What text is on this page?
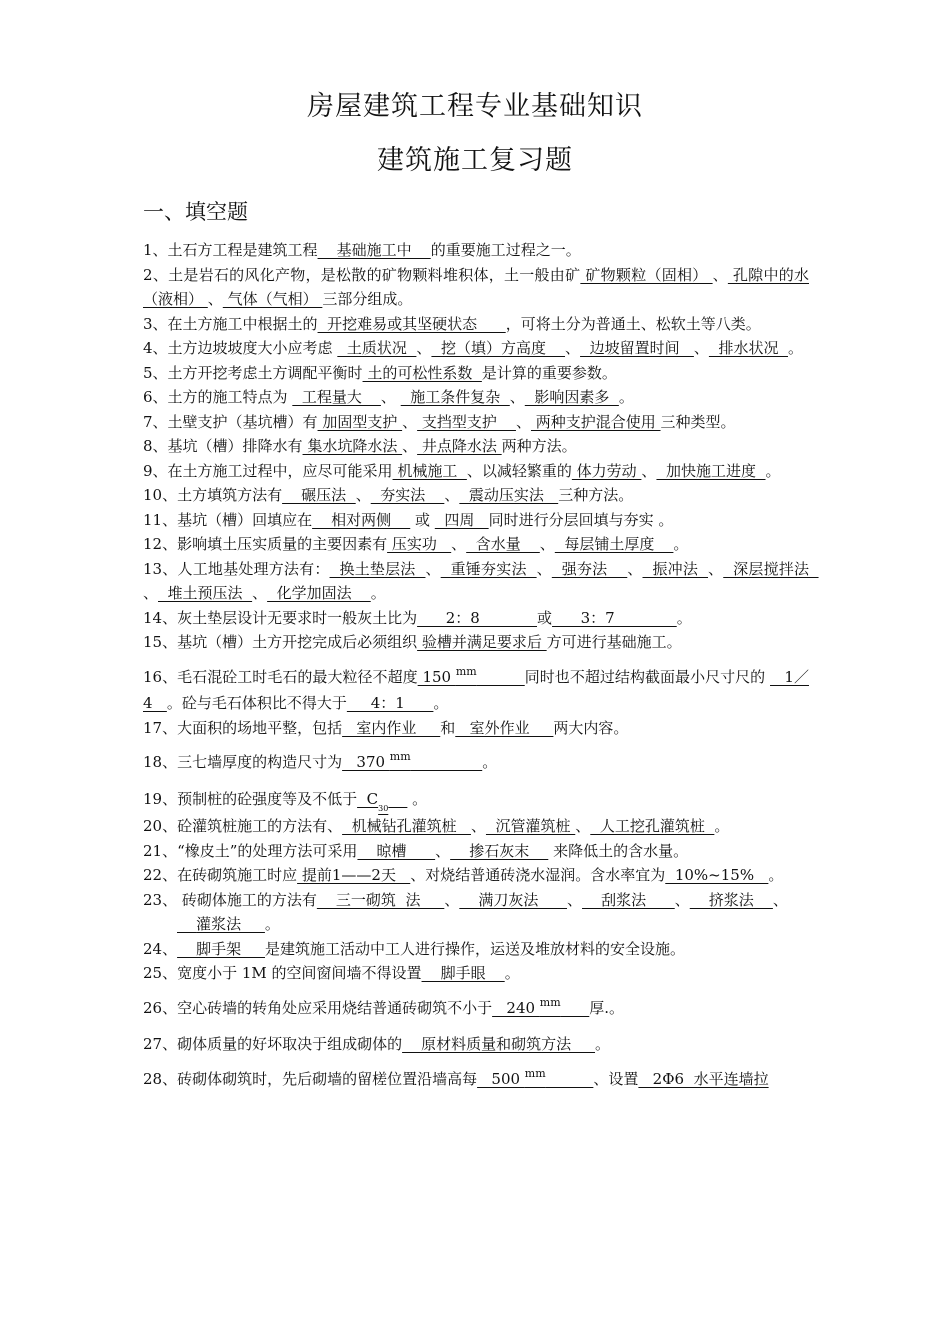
房屋建筑工程专业基础知识
建筑施工复习题
一、填空题

1、土石方工程是建筑工程    基础施工中    的重要施工过程之一。

2、土是岩石的风化产物，是松散的矿物颗料堆积体，土一般由矿 矿物颗粒（固相） 、 孔隙中的水（液相） 、 气体（气相） 三部分组成。

3、在土方施工中根据土的  开挖难易或其坚硬状态      ，可将土分为普通土、松软土等八类。

4、土方边坡坡度大小应考虑   土质状况  、  挖（填）方高度    、  边坡留置时间   、  排水状况  。

5、土方开挖考虑土方调配平衡时 土的可松性系数  是计算的重要参数。

6、土方的施工特点为   工程量大    、   施工条件复杂  、  影响因素多  。

7、土壁支护（基坑槽）有 加固型支护 、 支挡型支护    、 两种支护混合使用 三种类型。

8、基坑（槽）排降水有 集水坑降水法 、 井点降水法 两种方法。

9、在土方施工过程中，应尽可能采用 机械施工  、以减轻繁重的 体力劳动 、  加快施工进度  。

10、土方填筑方法有    碾压法  、  夯实法    、  震动压实法   三种方法。

11、基坑（槽）回填应在    相对两侧     或   四周   同时进行分层回填与夯实 。

12、影响填土压实质量的主要因素有 压实功   、  含水量    、  每层铺土厚度    。

13、人工地基处理方法有：  换土垫层法  、  重锤夯实法  、  强夯法    、  振冲法  、  深层搅拌法  、  堆土预压法  、  化学加固法    。

14、灰土垫层设计无要求时一般灰土比为      2：8            或      3：7             。

15、基坑（槽）土方开挖完成后必须组织 验槽并满足要求后 方可进行基础施工。

16、毛石混砼工时毛石的最大粒径不超度 150 $^{mm}$	同时也不超过结构截面最小尺寸尺的    1／4   。砼与毛石体积比不得大于     4：1      。

17、大面积的场地平整，包括   室内作业     和   室外作业     两大内容。

18、三七墙厚度的构造尺寸为   370 $^{mm}$	。

19、预制桩的砼强度等及不低于  $C_{30}$     。

20、砼灌筑桩施工的方法有、  机械钻孔灌筑桩   、  沉管灌筑桩 、  人工挖孔灌筑桩  。

21、“橡皮土”的处理方法可采用    晾槽      、    掺石灰末     来降低土的含水量。

22、在砖砌筑施工时应 提前1——2天   、对烧结普通砖浇水湿润。含水率宜为  10%~15%   。

23、 砖砌体施工的方法有    三一砌筑  法     、    满刀灰法      、    刮浆法      、    挤浆法    、

灌浆法     。

24、    脚手架     是建筑施工活动中工人进行操作，运送及堆放材料的安全设施。

25、宽度小于 1M 的空间窗间墙不得设置    脚手眼    。

26、空心砖墙的转角处应采用烧结普通砖砌筑不小于   240 $^{mm}$ 厚.。

27、砌体质量的好坏取决于组成砌体的    原材料质量和砌筑方法     。

28、砖砌体砌筑时，先后砌墙的留槎位置沿墙高每   500 $^{mm}$	、设置   2Φ6  水平连墙拉
